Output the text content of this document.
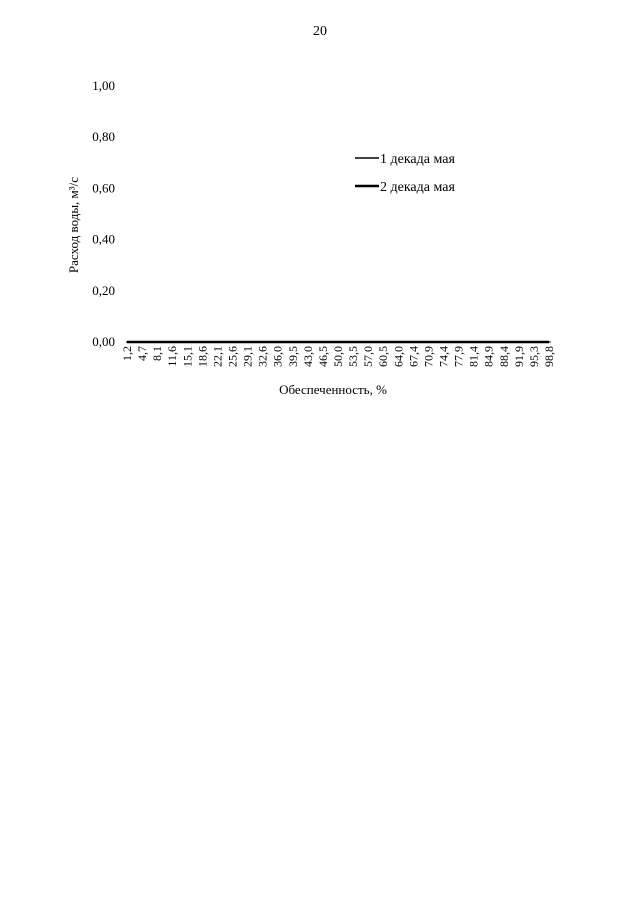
20
0,00
0,20
0,40
0,60
0,80
1,00
1,2 4,7 8,1 11,6 15,1 18,6 22,1 25,6 29,1 32,6 36,0 39,5 43,0 46,5 50,0 53,5 57,0 60,5 64,0 67,4 70,9 74,4 77,9 81,4 84,9 88,4 91,9 95,3 98,8
1 декада мая
2 декада мая
Расход воды, м³/с
Обеспеченность, %
